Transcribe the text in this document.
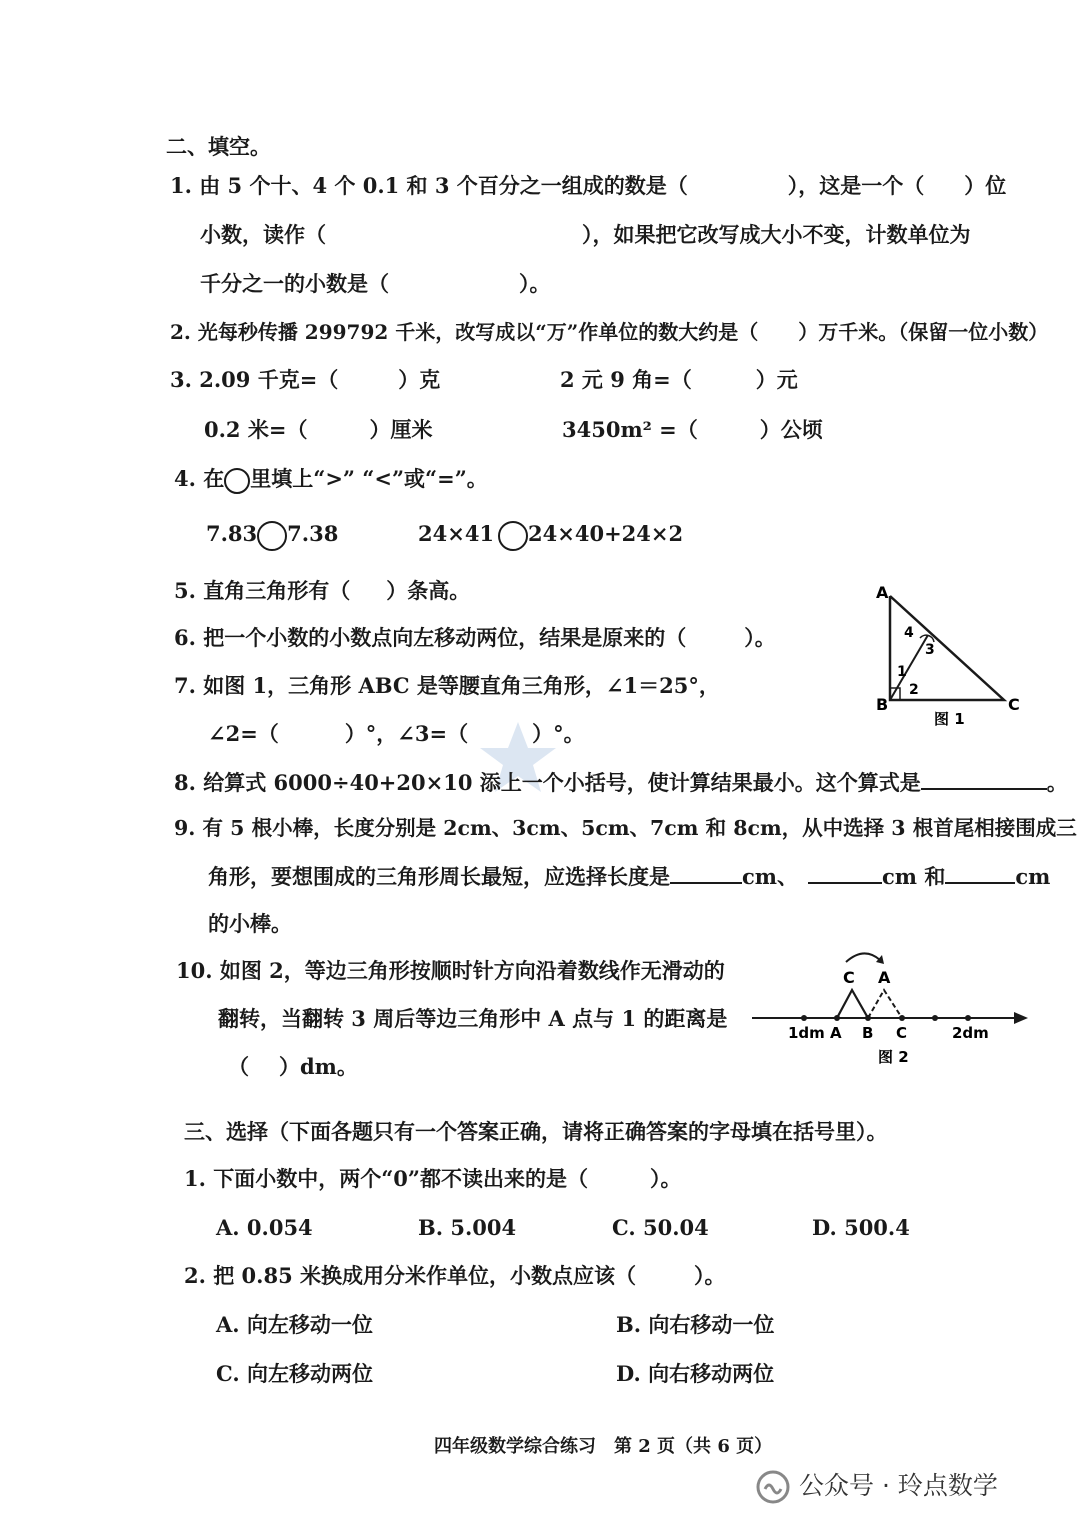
二、填空。
1. 由 5 个十、4 个 0.1 和 3 个百分之一组成的数是（	），这是一个（ ）位
小数，读作（	），如果把它改写成大小不变，计数单位为
千分之一的小数是（	）。
2. 光每秒传播 299792 千米，改写成以“万”作单位的数大约是（ ）万千米。（保留一位小数）
3. 2.09 千克=（	）克	2 元 9 角=（	）元
0.2 米=（	）厘米	3450m² =（	）公顷
4. 在 里填上“>” “<”或“=”。
7.83 7.38	24×41 24×40+24×2
5. 直角三角形有（ ）条高。
6. 把一个小数的小数点向左移动两位，结果是原来的（	）。
7. 如图 1，三角形 ABC 是等腰直角三角形，∠1＝25°，
∠2=（	）°，∠3=（	）°。
A
B	C
1
2
3
4
图 1
8. 给算式 6000÷40+20×10 添上一个小括号，使计算结果最小。这个算式是	。
9. 有 5 根小棒，长度分别是 2cm、3cm、5cm、7cm 和 8cm，从中选择 3 根首尾相接围成三
角形，要想围成的三角形周长最短，应选择长度是	cm、	cm 和	cm
的小棒。
10. 如图 2，等边三角形按顺时针方向沿着数线作无滑动的
翻转，当翻转 3 周后等边三角形中 A 点与 1 的距离是
（ ）dm。
C A
1dm A B C	2dm
图 2
三、选择（下面各题只有一个答案正确，请将正确答案的字母填在括号里）。
1. 下面小数中，两个“0”都不读出来的是（	）。
A. 0.054	B. 5.004	C. 50.04	D. 500.4
2. 把 0.85 米换成用分米作单位，小数点应该（	）。
A. 向左移动一位	B. 向右移动一位
C. 向左移动两位	D. 向右移动两位
四年级数学综合练习　第 2 页（共 6 页）
公众号 · 玲点数学
